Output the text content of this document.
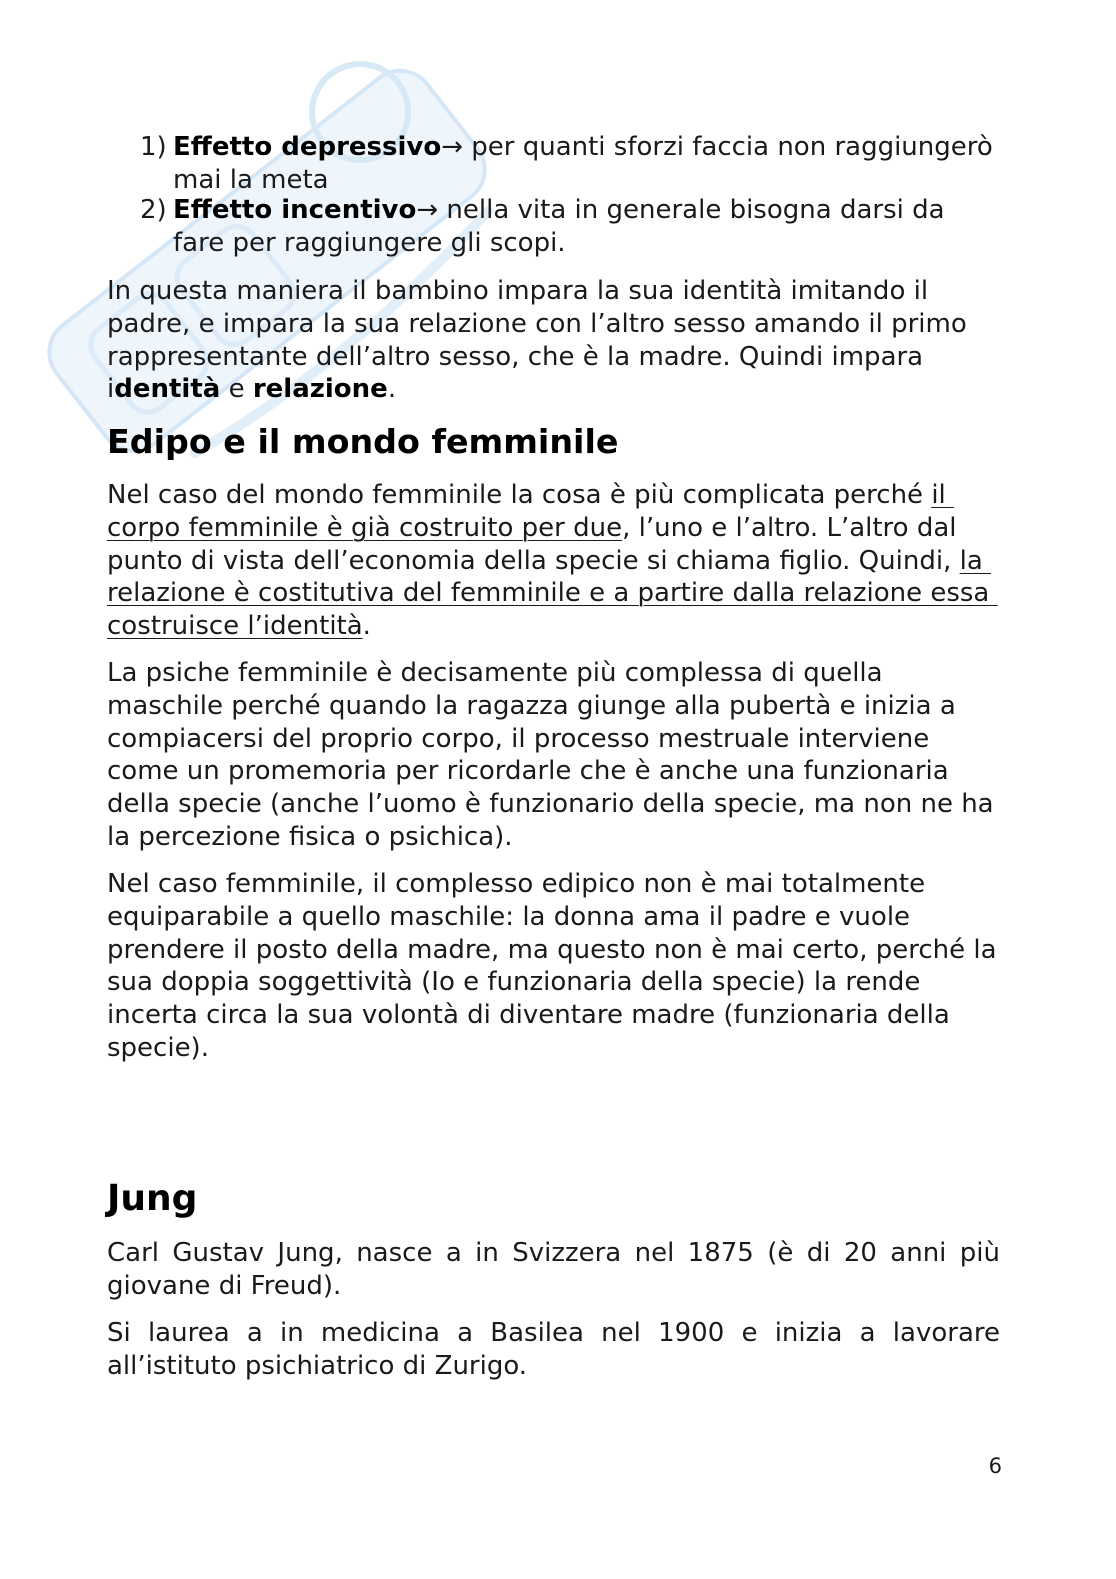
1) Effetto depressivo→ per quanti sforzi faccia non raggiungerò
mai la meta
2) Effetto incentivo→ nella vita in generale bisogna darsi da
fare per raggiungere gli scopi.
In questa maniera il bambino impara la sua identità imitando il
padre, e impara la sua relazione con l’altro sesso amando il primo
rappresentante dell’altro sesso, che è la madre. Quindi impara
identità e relazione.
Edipo e il mondo femminile
Nel caso del mondo femminile la cosa è più complicata perché il
corpo femminile è già costruito per due, l’uno e l’altro. L’altro dal
punto di vista dell’economia della specie si chiama figlio. Quindi, la
relazione è costitutiva del femminile e a partire dalla relazione essa
costruisce l’identità.
La psiche femminile è decisamente più complessa di quella
maschile perché quando la ragazza giunge alla pubertà e inizia a
compiacersi del proprio corpo, il processo mestruale interviene
come un promemoria per ricordarle che è anche una funzionaria
della specie (anche l’uomo è funzionario della specie, ma non ne ha
la percezione fisica o psichica).
Nel caso femminile, il complesso edipico non è mai totalmente
equiparabile a quello maschile: la donna ama il padre e vuole
prendere il posto della madre, ma questo non è mai certo, perché la
sua doppia soggettività (Io e funzionaria della specie) la rende
incerta circa la sua volontà di diventare madre (funzionaria della
specie).
Jung
Carl Gustav Jung, nasce a in Svizzera nel 1875 (è di 20 anni più
giovane di Freud).
Si laurea a in medicina a Basilea nel 1900 e inizia a lavorare
all’istituto psichiatrico di Zurigo.
6
